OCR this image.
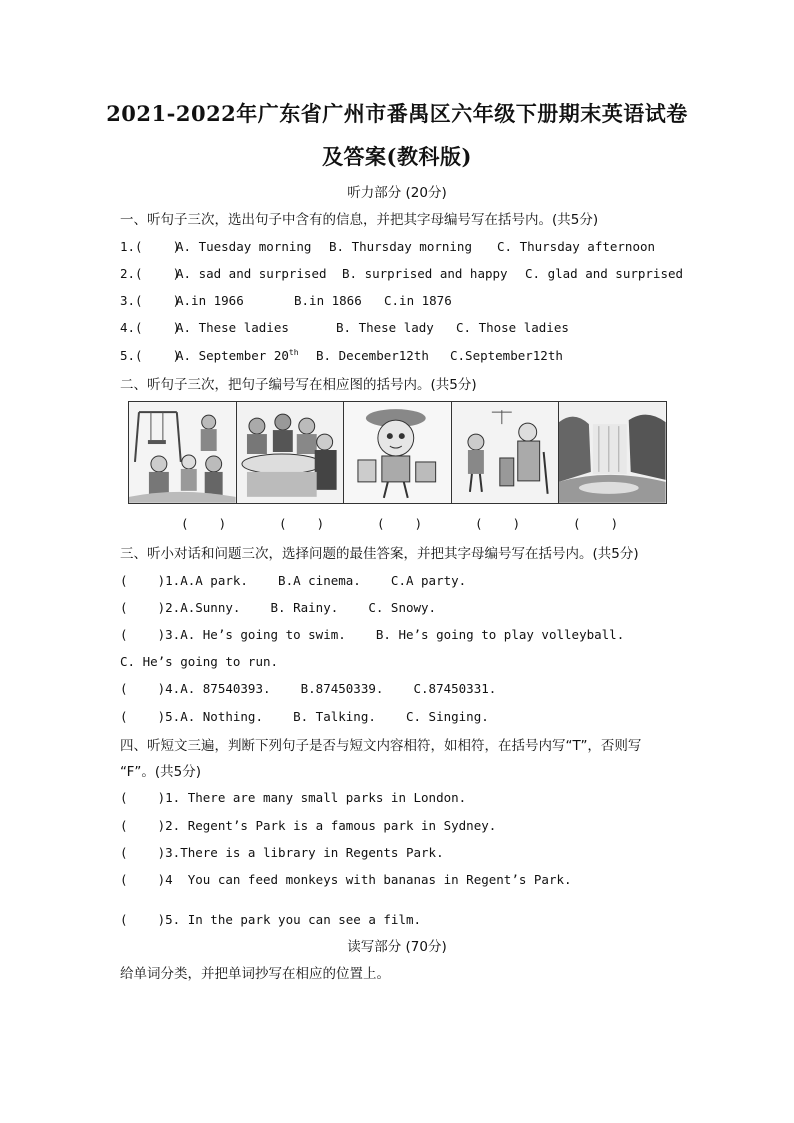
2021-2022年广东省广州市番禺区六年级下册期末英语试卷
及答案(教科版)
听力部分 (20分)
一、听句子三次，选出句子中含有的信息，并把其字母编号写在括号内。(共5分)
1.(    )
A. Tuesday morning B. Thursday morning C. Thursday afternoon
2.(    )
A. sad and surprised B. surprised and happy C. glad and surprised
3.(    )
A.in 1966	B.in 1866 C.in 1876
4.(    )
A. These ladies	B. These lady C. Those ladies
5.(    )
A. September 20th B. December12th C.September12th
二、听句子三次，把句子编号写在相应图的括号内。(共5分)
(    )	(    )	(    )	(    )	(    )
三、听小对话和问题三次，选择问题的最佳答案，并把其字母编号写在括号内。(共5分)
(    )1.A.A park.    B.A cinema.    C.A party.
(    )2.A.Sunny.    B. Rainy.    C. Snowy.
(    )3.A. He’s going to swim.    B. He’s going to play volleyball.
C. He’s going to run.
(    )4.A. 87540393.    B.87450339.    C.87450331.
(    )5.A. Nothing.    B. Talking.    C. Singing.
四、听短文三遍，判断下列句子是否与短文内容相符，如相符，在括号内写“T”，否则写
“F”。(共5分)
(    )1. There are many small parks in London.
(    )2. Regent’s Park is a famous park in Sydney.
(    )3.There is a library in Regents Park.
(    )4  You can feed monkeys with bananas in Regent’s Park.
(    )5. In the park you can see a film.
读写部分 (70分)
给单词分类，并把单词抄写在相应的位置上。
